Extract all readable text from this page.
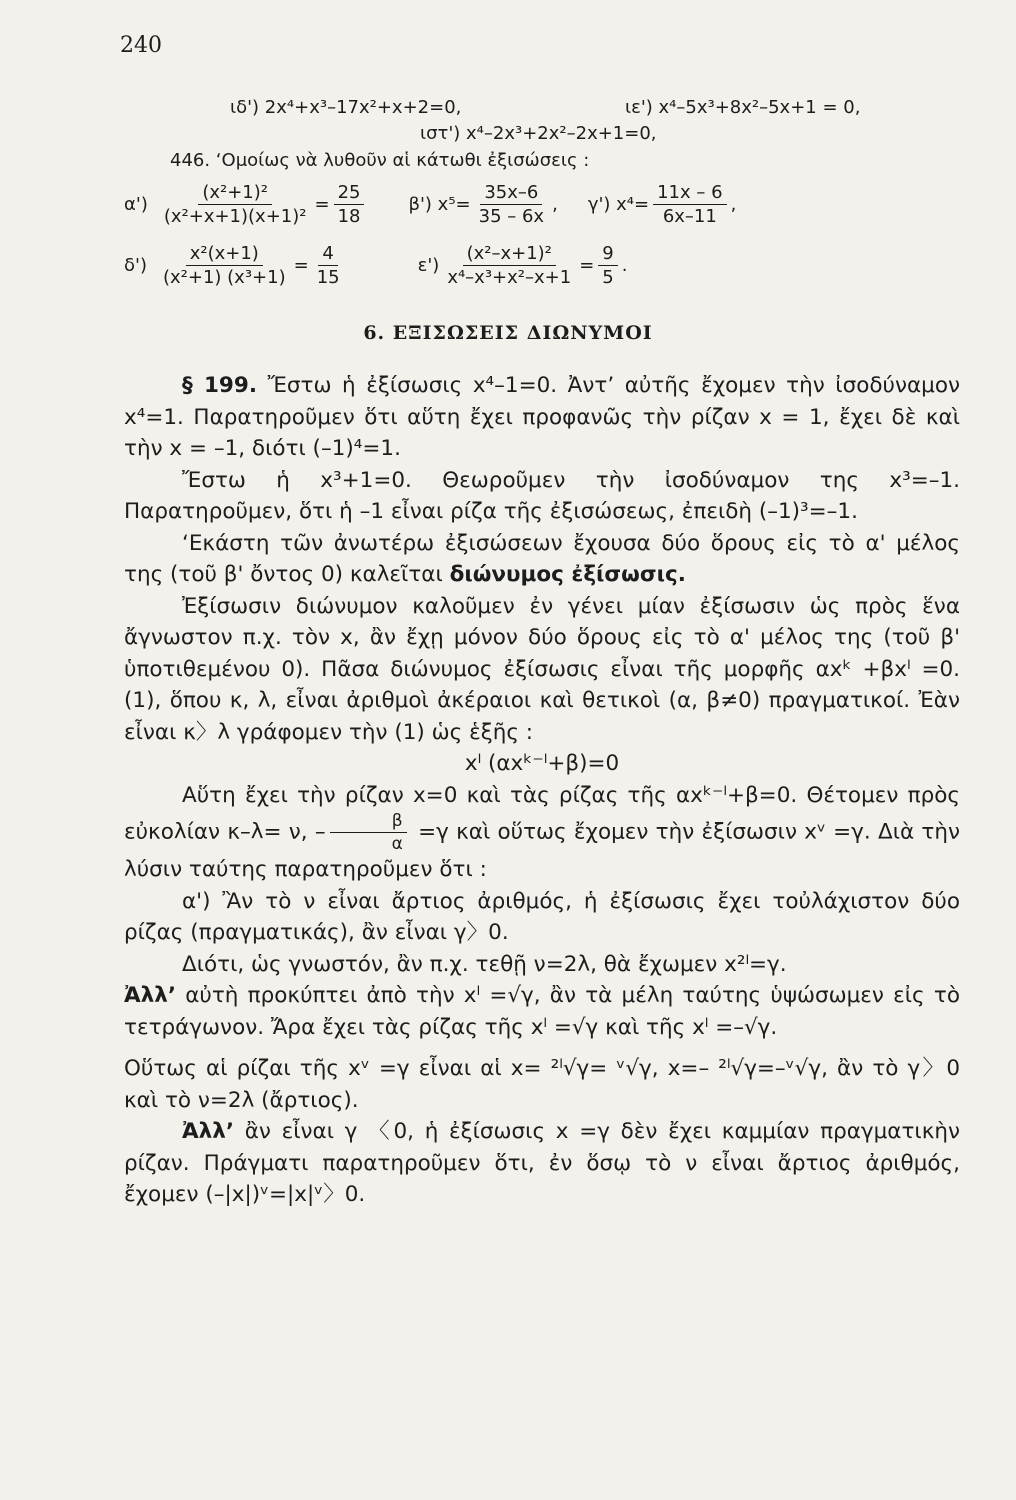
240
ιδ') 2x⁴+x³–17x²+x+2=0,	ιε') x⁴–5x³+8x²–5x+1 = 0,
ιστ') x⁴–2x³+2x²–2x+1=0,
446. ‘Ομοίως νὰ λυθοῦν αἱ κάτωθι ἐξισώσεις :
$\alpha') \frac{\text{(x²+1)²}}{\text{(x²+x+1)(x+1)²}} = \frac{25}{18} \beta'$) $x^5= \frac{35x-6}{35 - 6x}$ , γ') $x^4= \frac{11x - 6}{6x-11}$ ,
$\delta') \frac{\text{x²(x+1)}}{\text{(x²+1) (x³+1)}} = \frac{4}{15}$	$\varepsilon') \frac{\text{(x²–x+1)²}}{\text{x⁴–x³+x²–x+1}} = \frac{9}{5}$ .
6. ΕΞΙΣΩΣΕΙΣ ΔΙΩΝΥΜΟΙ

§ 199. Ἔστω ἡ ἐξίσωσις x⁴–1=0. Ἀντ’ αὐτῆς ἔχομεν τὴν ἰσοδύναμον x⁴=1. Παρατηροῦμεν ὅτι αὕτη ἔχει προφανῶς τὴν ρίζαν x = 1, ἔχει δὲ καὶ τὴν x = –1, διότι (–1)⁴=1.

Ἔστω ἡ x³+1=0. Θεωροῦμεν τὴν ἰσοδύναμον της x³=–1. Παρατηροῦμεν, ὅτι ἡ –1 εἶναι ρίζα τῆς ἐξισώσεως, ἐπειδὴ (–1)³=–1.

‘Εκάστη τῶν ἀνωτέρω ἐξισώσεων ἔχουσα δύο ὅρους εἰς τὸ α' μέλος της (τοῦ β' ὄντος 0) καλεῖται διώνυμος ἐξίσωσις.

Ἐξίσωσιν διώνυμον καλοῦμεν ἐν γένει μίαν ἐξίσωσιν ὡς πρὸς ἕνα ἄγνωστον π.χ. τὸν x, ἂν ἔχῃ μόνον δύο ὅρους εἰς τὸ α' μέλος της (τοῦ β' ὑποτιθεμένου 0). Πᾶσα διώνυμος ἐξίσωσις εἶναι τῆς μορφῆς αxᵏ +βxˡ =0. (1), ὅπου κ, λ, εἶναι ἀριθμοὶ ἀκέραιοι καὶ θετικοὶ (α, β≠0) πραγματικοί. Ἐὰν εἶναι κ〉λ γράφομεν τὴν (1) ὡς ἑξῆς :

xˡ (αxᵏ⁻ˡ+β)=0

Αὕτη ἔχει τὴν ρίζαν x=0 καὶ τὰς ρίζας τῆς αxᵏ⁻ˡ+β=0. Θέτομεν πρὸς εὐκολίαν κ–λ= ν, – $\frac{\beta}{\alpha} =\gamma$ καὶ οὕτως ἔχομεν τὴν ἐξίσωσιν xᵛ =γ. Διὰ τὴν λύσιν ταύτης παρατηροῦμεν ὅτι :

α') Ἂν τὸ ν εἶναι ἄρτιος ἀριθμός, ἡ ἐξίσωσις ἔχει τοὐλάχιστον δύο ρίζας (πραγματικάς), ἂν εἶναι γ〉0.

Διότι, ὡς γνωστόν, ἂν π.χ. τεθῇ ν=2λ, θὰ ἔχωμεν x²ˡ=γ.

Ἀλλ’ αὐτὴ προκύπτει ἀπὸ τὴν xˡ =√γ, ἂν τὰ μέλη ταύτης ὑψώσωμεν εἰς τὸ τετράγωνον. Ἄρα ἔχει τὰς ρίζας τῆς xˡ =√γ καὶ τῆς xˡ =–√γ.

Οὕτως αἱ ρίζαι τῆς xᵛ =γ εἶναι αἱ x= ²ˡ√γ= ᵛ√γ, x=– ²ˡ√γ=–ᵛ√γ, ἂν τὸ γ〉0 καὶ τὸ ν=2λ (ἄρτιος).

Ἀλλ’ ἂν εἶναι γ 〈0, ἡ ἐξίσωσις x =γ δὲν ἔχει καμμίαν πραγματικὴν ρίζαν. Πράγματι παρατηροῦμεν ὅτι, ἐν ὅσῳ τὸ ν εἶναι ἄρτιος ἀριθμός, ἔχομεν (–|x|)ᵛ=|x|ᵛ〉0.
